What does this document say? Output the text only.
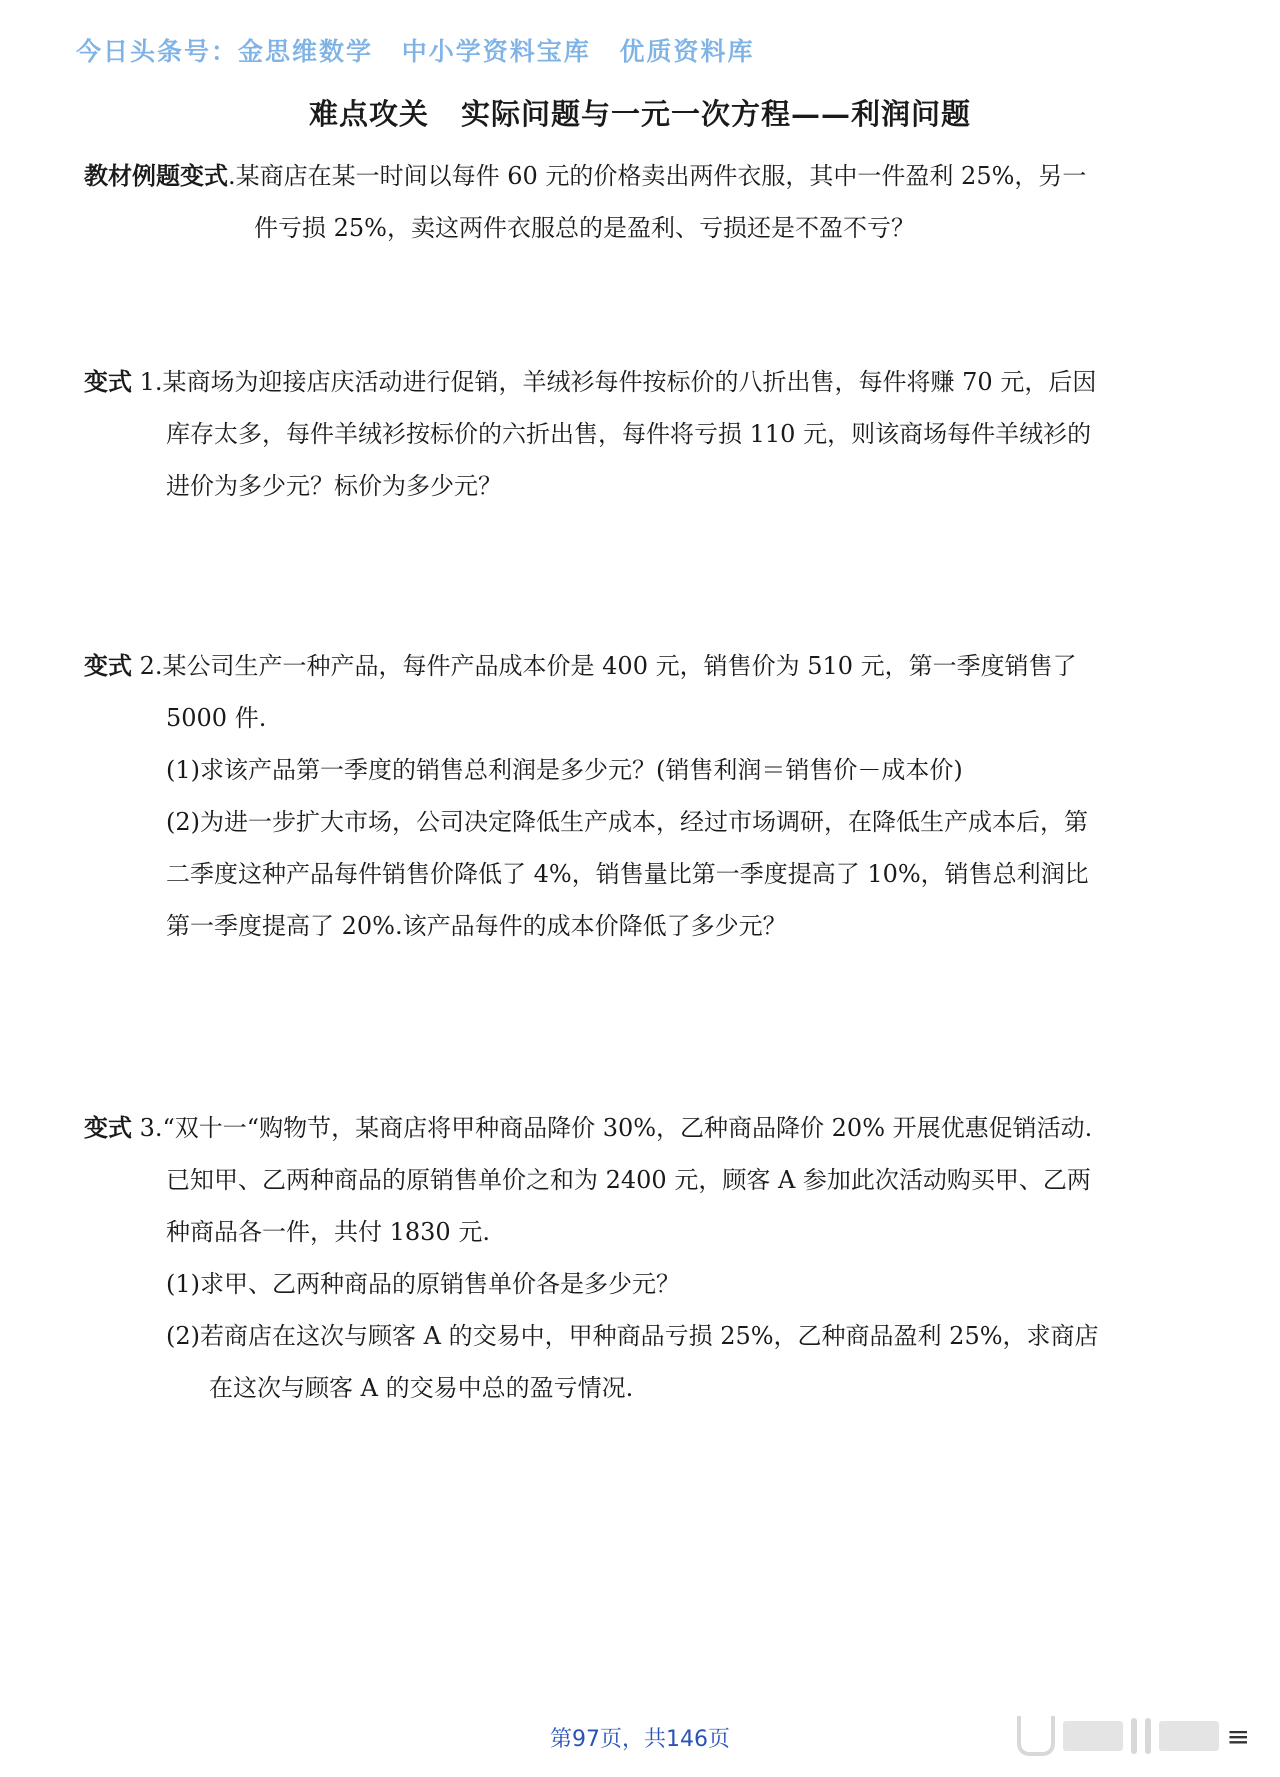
今日头条号：金思维数学 中小学资料宝库 优质资料库
难点攻关 实际问题与一元一次方程——利润问题
教材例题变式.某商店在某一时间以每件 60 元的价格卖出两件衣服，其中一件盈利 25%，另一
件亏损 25%，卖这两件衣服总的是盈利、亏损还是不盈不亏？
变式 1.某商场为迎接店庆活动进行促销，羊绒衫每件按标价的八折出售，每件将赚 70 元，后因
库存太多，每件羊绒衫按标价的六折出售，每件将亏损 110 元，则该商场每件羊绒衫的
进价为多少元？标价为多少元？
变式 2.某公司生产一种产品，每件产品成本价是 400 元，销售价为 510 元，第一季度销售了
5000 件.
(1)求该产品第一季度的销售总利润是多少元？(销售利润＝销售价－成本价)
(2)为进一步扩大市场，公司决定降低生产成本，经过市场调研，在降低生产成本后，第
二季度这种产品每件销售价降低了 4%，销售量比第一季度提高了 10%，销售总利润比
第一季度提高了 20%.该产品每件的成本价降低了多少元？
变式 3.“双十一“购物节，某商店将甲种商品降价 30%，乙种商品降价 20% 开展优惠促销活动.
已知甲、乙两种商品的原销售单价之和为 2400 元，顾客 A 参加此次活动购买甲、乙两
种商品各一件，共付 1830 元.
(1)求甲、乙两种商品的原销售单价各是多少元？
(2)若商店在这次与顾客 A 的交易中，甲种商品亏损 25%，乙种商品盈利 25%，求商店
在这次与顾客 A 的交易中总的盈亏情况.
第97页，共146页	≡
